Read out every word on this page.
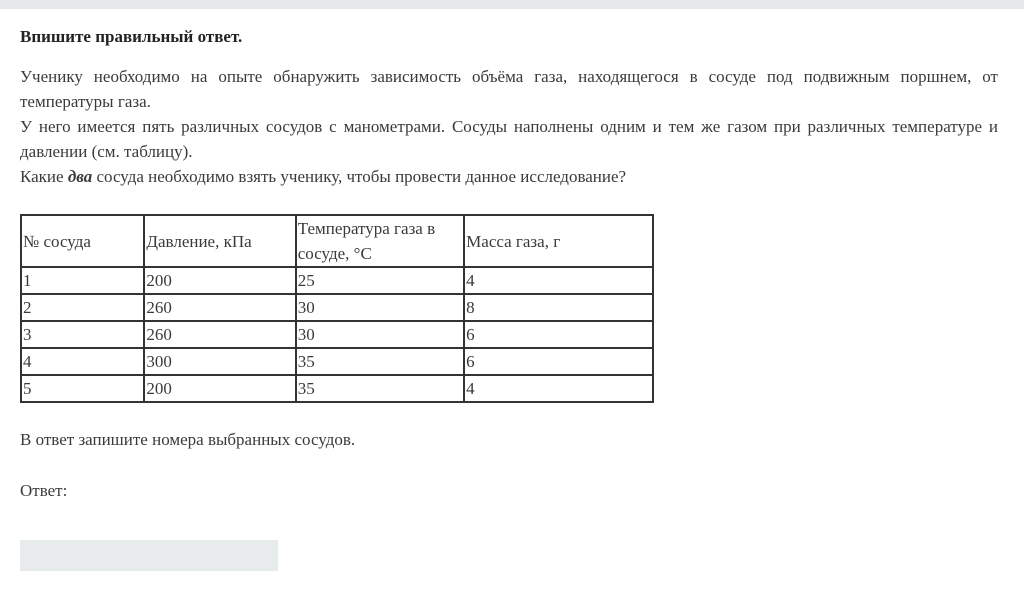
Впишите правильный ответ.

Ученику необходимо на опыте обнаружить зависимость объёма газа, находящегося в сосуде под подвижным поршнем, от температуры газа.

У него имеется пять различных сосудов с манометрами. Сосуды наполнены одним и тем же газом при различных температуре и давлении (см. таблицу).

Какие два сосуда необходимо взять ученику, чтобы провести данное исследование?

№ сосуда	Давление, кПа	Температура газа в сосуде, °С	Масса газа, г
1	200	25	4
2	260	30	8
3	260	30	6
4	300	35	6
5	200	35	4
В ответ запишите номера выбранных сосудов.
Ответ:
